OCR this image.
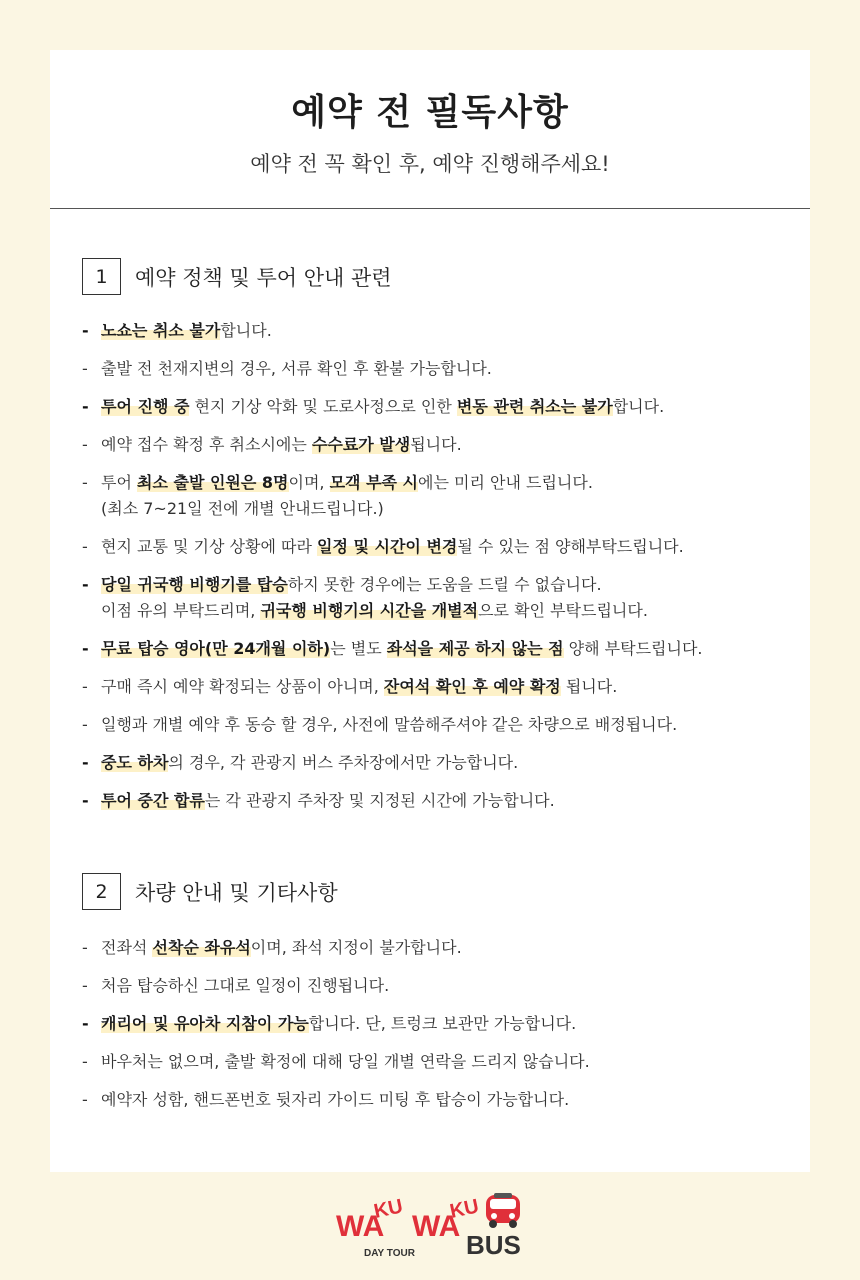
예약 전 필독사항
예약 전 꼭 확인 후, 예약 진행해주세요!
1	예약 정책 및 투어 안내 관련
- 노쇼는 취소 불가합니다.
- 출발 전 천재지변의 경우, 서류 확인 후 환불 가능합니다.
- 투어 진행 중 현지 기상 악화 및 도로사정으로 인한 변동 관련 취소는 불가합니다.
- 예약 접수 확정 후 취소시에는 수수료가 발생됩니다.
- 투어 최소 출발 인원은 8명이며, 모객 부족 시에는 미리 안내 드립니다.
(최소 7~21일 전에 개별 안내드립니다.)
- 현지 교통 및 기상 상황에 따라 일정 및 시간이 변경될 수 있는 점 양해부탁드립니다.
- 당일 귀국행 비행기를 탑승하지 못한 경우에는 도움을 드릴 수 없습니다.
이점 유의 부탁드리며, 귀국행 비행기의 시간을 개별적으로 확인 부탁드립니다.
- 무료 탑승 영아(만 24개월 이하)는 별도 좌석을 제공 하지 않는 점 양해 부탁드립니다.
- 구매 즉시 예약 확정되는 상품이 아니며, 잔여석 확인 후 예약 확정 됩니다.
- 일행과 개별 예약 후 동승 할 경우, 사전에 말씀해주셔야 같은 차량으로 배정됩니다.
- 중도 하차의 경우, 각 관광지 버스 주차장에서만 가능합니다.
- 투어 중간 합류는 각 관광지 주차장 및 지정된 시간에 가능합니다.
2	차량 안내 및 기타사항
- 전좌석 선착순 좌유석이며, 좌석 지정이 불가합니다.
- 처음 탑승하신 그대로 일정이 진행됩니다.
- 캐리어 및 유아차 지참이 가능합니다. 단, 트렁크 보관만 가능합니다.
- 바우처는 없으며, 출발 확정에 대해 당일 개별 연락을 드리지 않습니다.
- 예약자 성함, 핸드폰번호 뒷자리 가이드 미팅 후 탑승이 가능합니다.
WA
KU
WA
KU
BUS
DAY TOUR
